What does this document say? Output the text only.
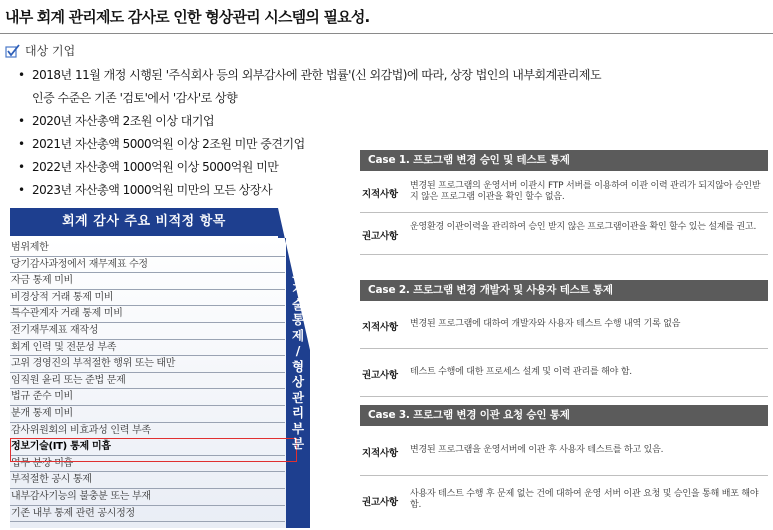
내부 회계 관리제도 감사로 인한 형상관리 시스템의 필요성.
대상 기업
• 2018년 11월 개정 시행된 '주식회사 등의 외부감사에 관한 법률'(신 외감법)에 따라, 상장 법인의 내부회계관리제도
인증 수준은 기존 '검토'에서 '감사'로 상향
• 2020년 자산총액 2조원 이상 대기업
• 2021년 자산총액 5000억원 이상 2조원 미만 중견기업
• 2022년 자산총액 1000억원 이상 5000억원 미만
• 2023년 자산총액 1000억원 미만의 모든 상장사
회계 감사 주요 비적정 항목
범위제한
당기감사과정에서 재무제표 수정
자금 통제 미비
비경상적 거래 통제 미비
특수관계자 거래 통제 미비
전기재무제표 재작성
회계 인력 및 전문성 부족
고위 경영진의 부적절한 행위 또는 태만
임직원 윤리 또는 준법 문제
법규 준수 미비
분개 통제 미비
감사위원회의 비효과성 인력 부족
정보기술(IT) 통제 미흡
업무 분장 미흡
부적절한 공시 통제
내부감사기능의 불충분 또는 부재
기존 내부 통제 관련 공시정정
정
보
기
술
통
제
/
형
상
관
리
부
분
Case 1. 프로그램 변경 승인 및 테스트 통제
지적사항
변경된 프로그램의 운영서버 이관시 FTP 서버를 이용하여 이관 이력 관리가 되지않아 승인받지 않은 프로그램 이관을 확인 할수 없음.
권고사항
운영환경 이관이력을 관리하여 승인 받지 않은 프로그램이관을 확인 할수 있는 설계를 권고.
Case 2. 프로그램 변경 개발자 및 사용자 테스트 통제
지적사항 변경된 프로그램에 대하여 개발자와 사용자 테스트 수행 내역 기록 없음
권고사항 테스트 수행에 대한 프로세스 설계 및 이력 관리를 해야 함.
Case 3. 프로그램 변경 이관 요청 승인 통제
지적사항 변경된 프로그램을 운영서버에 이관 후 사용자 테스트를 하고 있음.
권고사항
사용자 테스트 수행 후 문제 없는 건에 대하여 운영 서버 이관 요청 및 승인을 통해 배포 해야 함.
